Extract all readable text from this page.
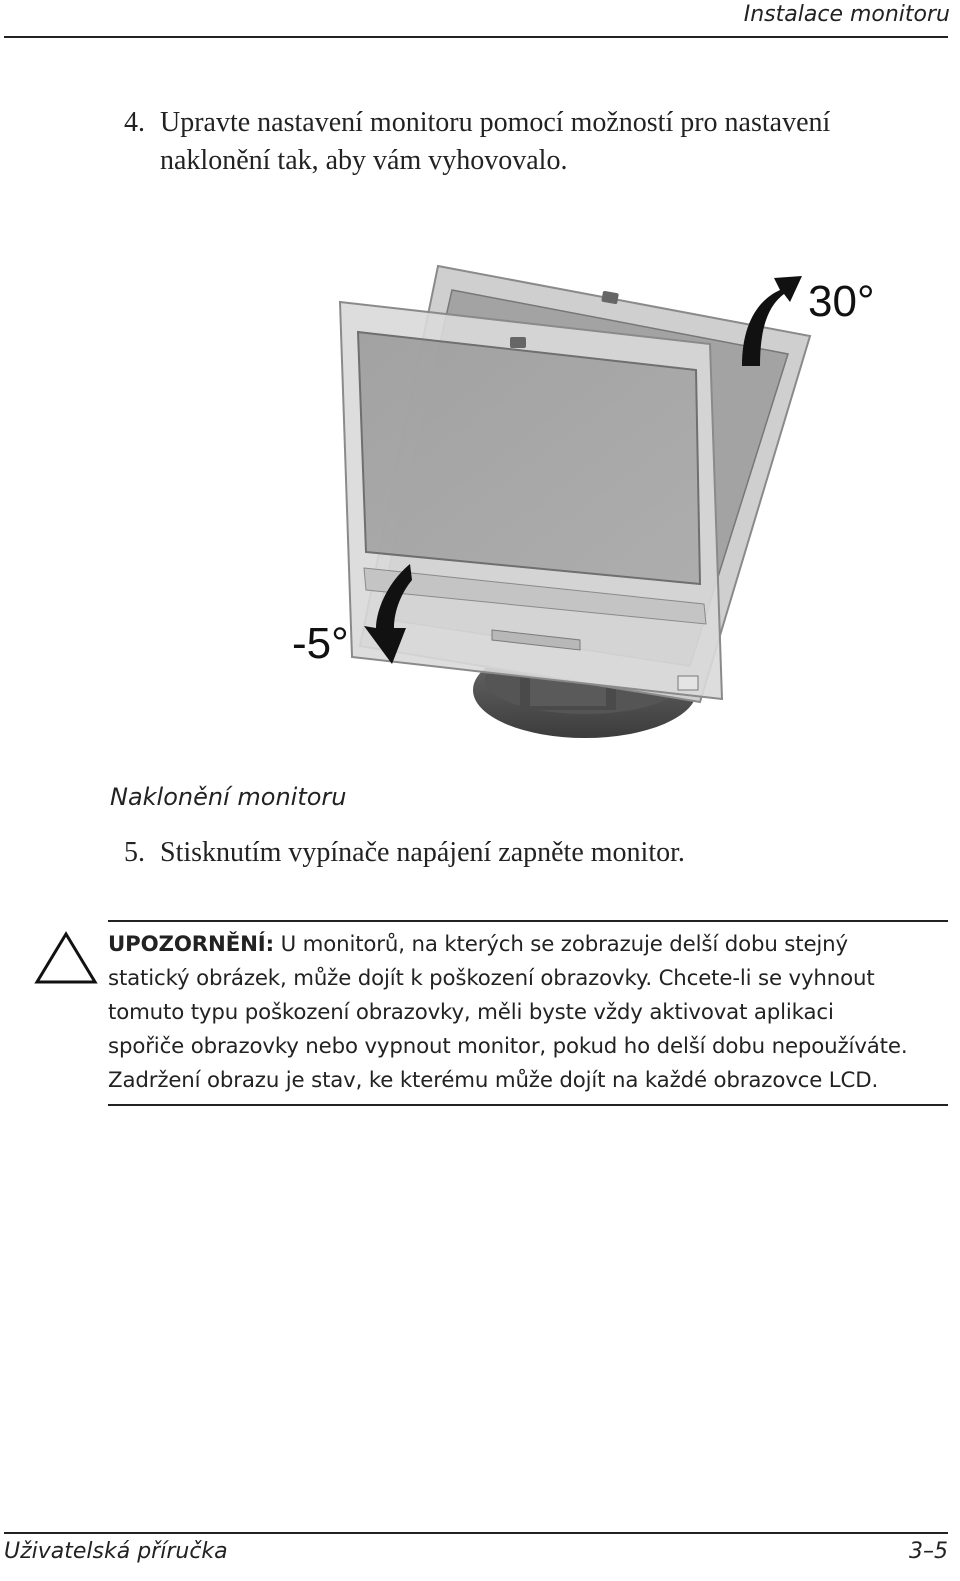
Instalace monitoru
4. Upravte nastavení monitoru pomocí možností pro nastavení
naklonění tak, aby vám vyhovovalo.
30°
-5°
Naklonění monitoru
5. Stisknutím vypínače napájení zapněte monitor.
UPOZORNĚNÍ: U monitorů, na kterých se zobrazuje delší dobu stejný
statický obrázek, může dojít k poškození obrazovky. Chcete-li se vyhnout
tomuto typu poškození obrazovky, měli byste vždy aktivovat aplikaci
spořiče obrazovky nebo vypnout monitor, pokud ho delší dobu nepoužíváte.
Zadržení obrazu je stav, ke kterému může dojít na každé obrazovce LCD.
Uživatelská příručka	3–5
